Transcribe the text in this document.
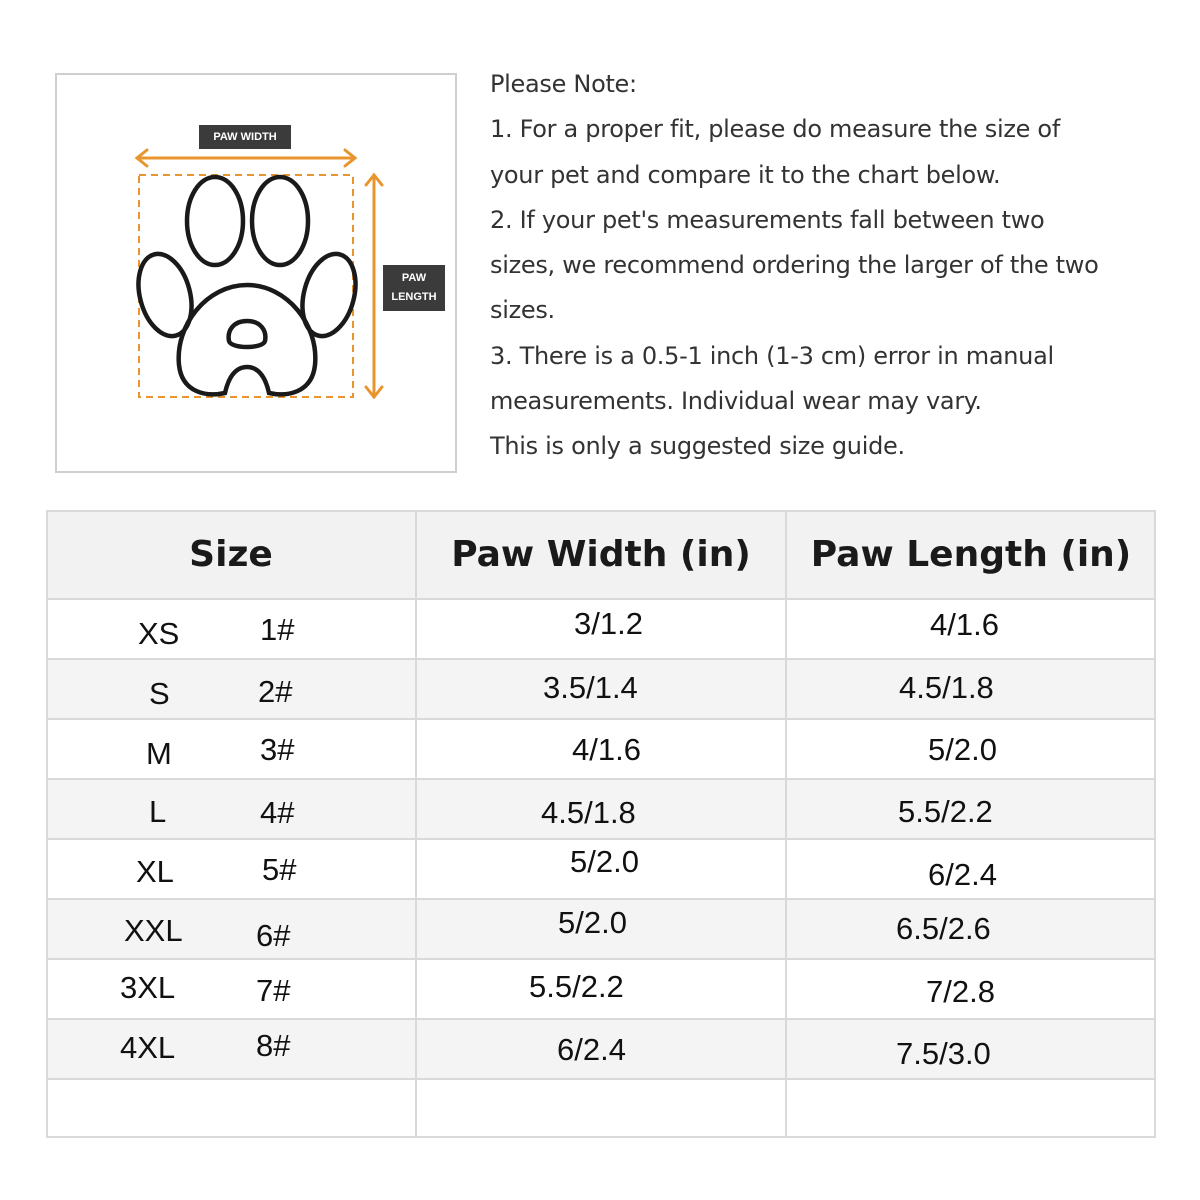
PAW WIDTH
PAW
LENGTH
Please Note:
1. For a proper fit, please do measure the size of
your pet and compare it to the chart below.
2. If your pet's measurements fall between two
sizes, we recommend ordering the larger of the two
sizes.
3. There is a 0.5-1 inch (1-3 cm) error in manual
measurements. Individual wear may vary.
This is only a suggested size guide.
Size	Paw Width (in)	Paw Length (in)
XS	1#	3/1.2	4/1.6
S	2#	3.5/1.4	4.5/1.8
M	3#	4/1.6	5/2.0
L	4#	4.5/1.8	5.5/2.2
XL	5#	5/2.0	6/2.4
XXL 6#	5/2.0	6.5/2.6
3XL	7#	5.5/2.2	7/2.8
4XL	8#	6/2.4	7.5/3.0
